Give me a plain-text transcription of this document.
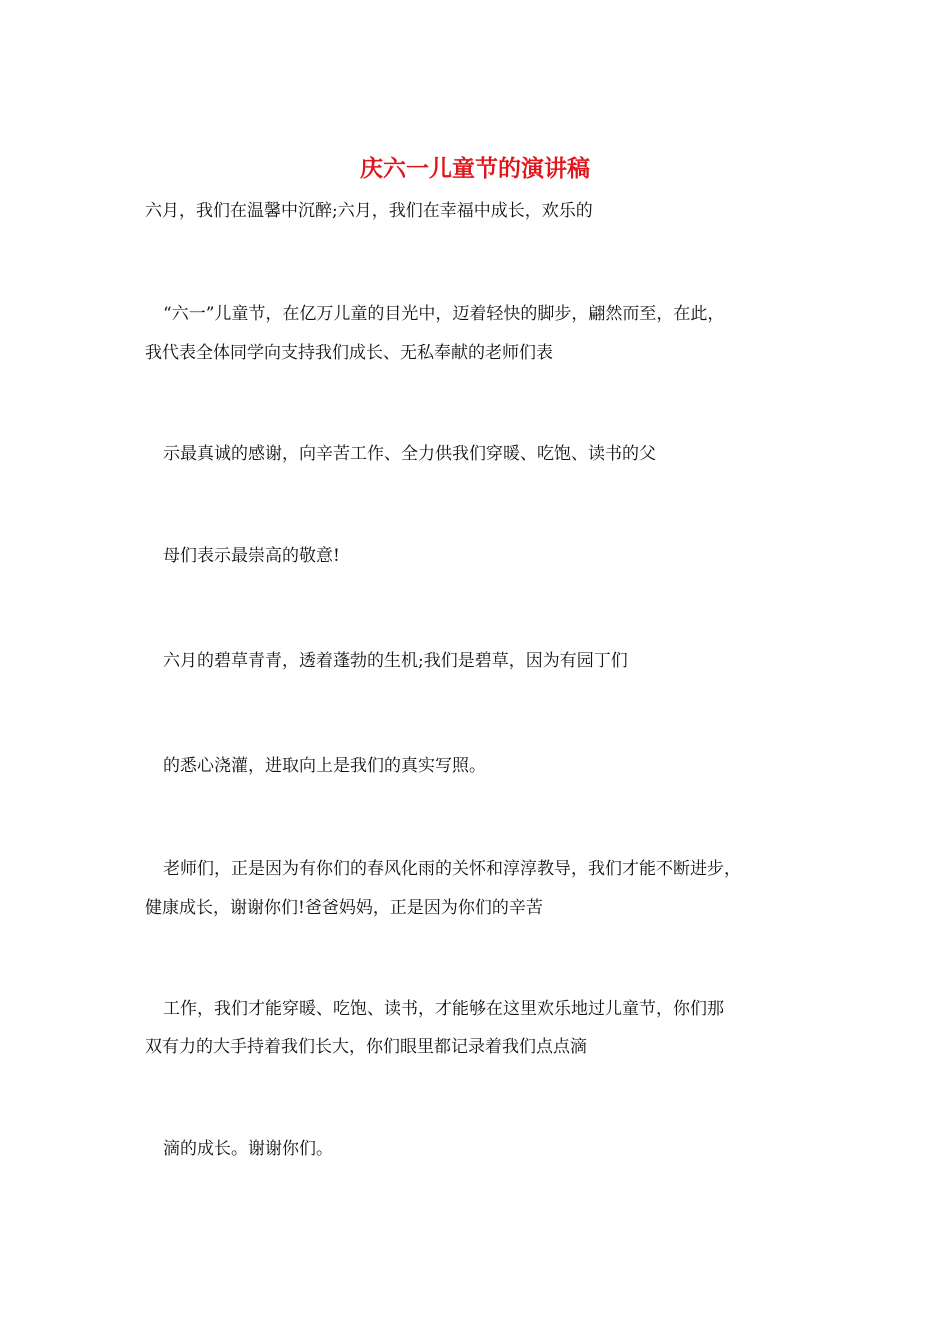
庆六一儿童节的演讲稿
六月，我们在温馨中沉醉;六月，我们在幸福中成长，欢乐的
“六一”儿童节，在亿万儿童的目光中，迈着轻快的脚步，翩然而至，在此，
我代表全体同学向支持我们成长、无私奉献的老师们表
示最真诚的感谢，向辛苦工作、全力供我们穿暖、吃饱、读书的父
母们表示最崇高的敬意!
六月的碧草青青，透着蓬勃的生机;我们是碧草，因为有园丁们
的悉心浇灌，进取向上是我们的真实写照。
老师们，正是因为有你们的春风化雨的关怀和淳淳教导，我们才能不断进步，
健康成长，谢谢你们!爸爸妈妈，正是因为你们的辛苦
工作，我们才能穿暖、吃饱、读书，才能够在这里欢乐地过儿童节，你们那
双有力的大手持着我们长大，你们眼里都记录着我们点点滴
滴的成长。谢谢你们。
